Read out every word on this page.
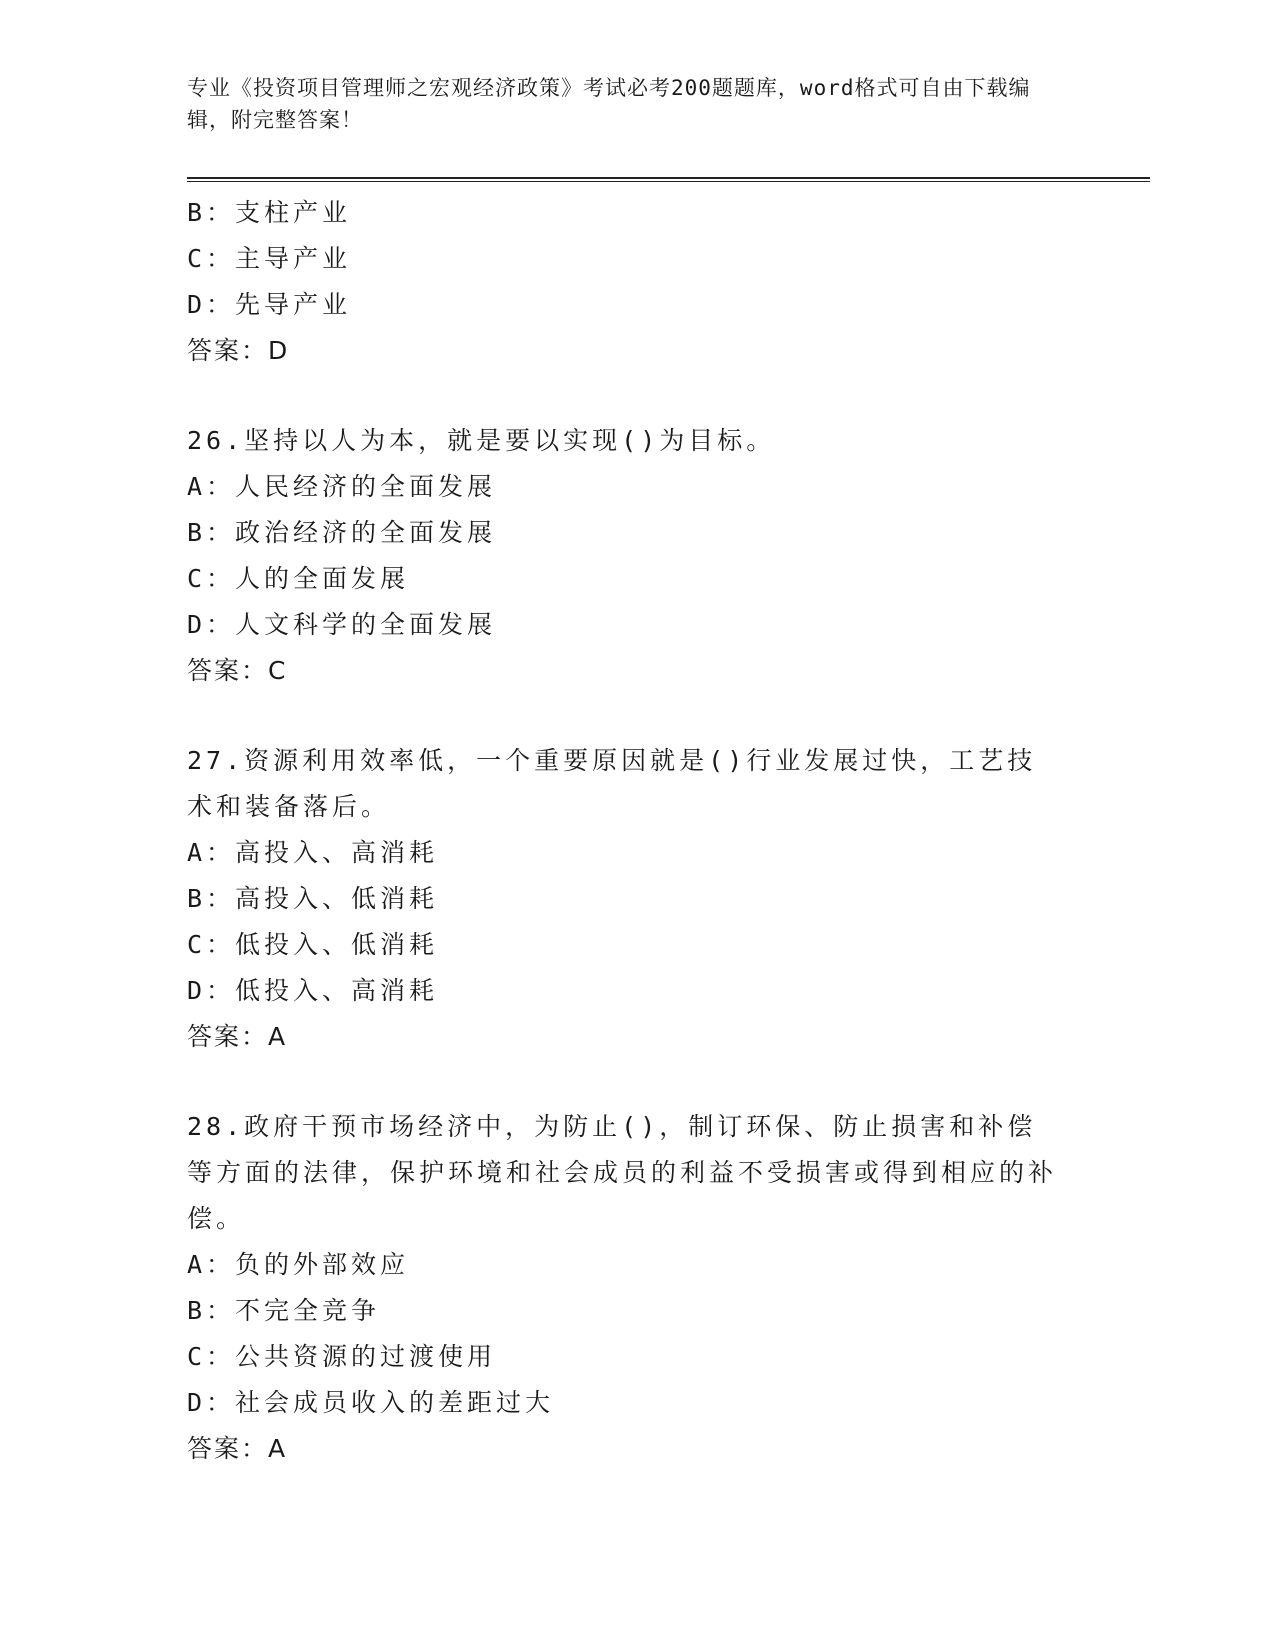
专业《投资项目管理师之宏观经济政策》考试必考200题题库，word格式可自由下载编辑，附完整答案！
B：支柱产业
C：主导产业
D：先导产业
答案：D
26.坚持以人为本，就是要以实现()为目标。
A：人民经济的全面发展
B：政治经济的全面发展
C：人的全面发展
D：人文科学的全面发展
答案：C
27.资源利用效率低，一个重要原因就是()行业发展过快，工艺技术和装备落后。
A：高投入、高消耗
B：高投入、低消耗
C：低投入、低消耗
D：低投入、高消耗
答案：A
28.政府干预市场经济中，为防止()，制订环保、防止损害和补偿等方面的法律，保护环境和社会成员的利益不受损害或得到相应的补偿。
A：负的外部效应
B：不完全竞争
C：公共资源的过渡使用
D：社会成员收入的差距过大
答案：A
